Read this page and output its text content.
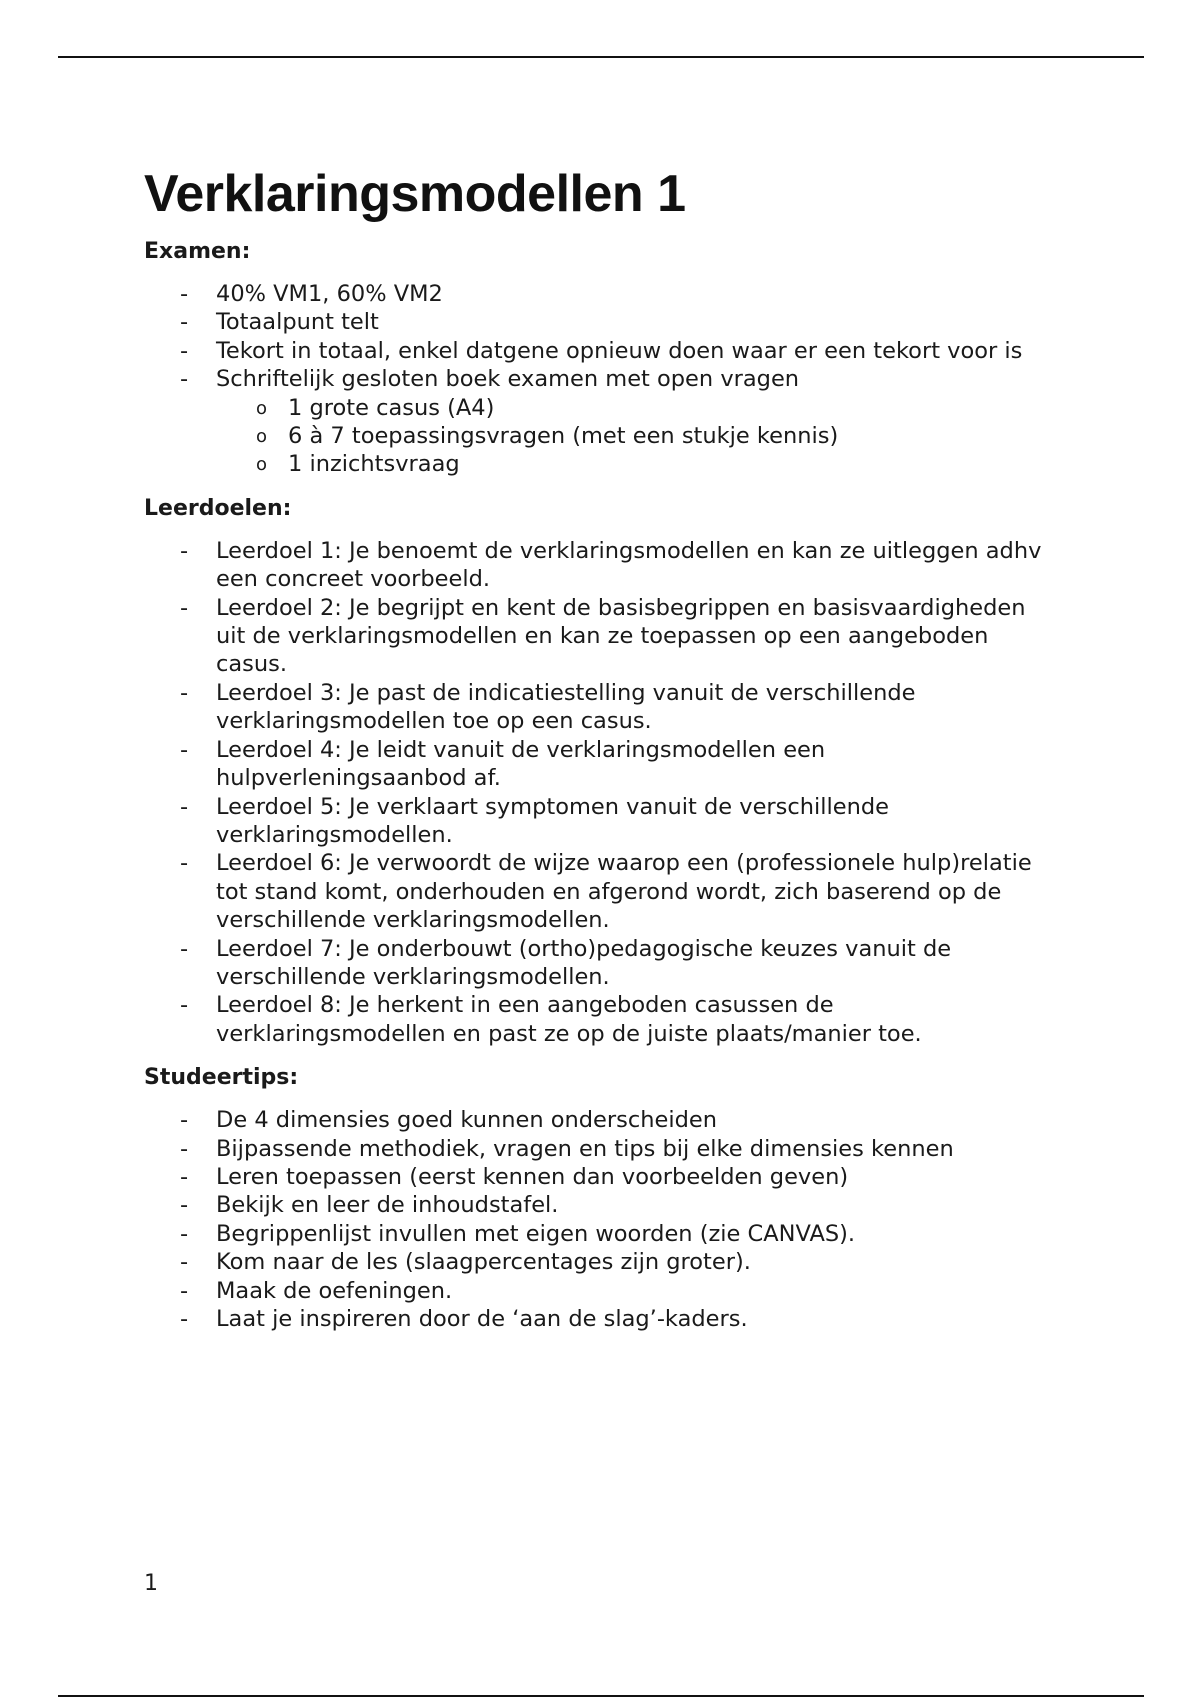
Verklaringsmodellen 1

Examen:

- 40% VM1, 60% VM2
- Totaalpunt telt
- Tekort in totaal, enkel datgene opnieuw doen waar er een tekort voor is
- Schriftelijk gesloten boek examen met open vragen
o 1 grote casus (A4)
o 6 à 7 toepassingsvragen (met een stukje kennis)
o 1 inzichtsvraag

Leerdoelen:

- Leerdoel 1: Je benoemt de verklaringsmodellen en kan ze uitleggen adhv een concreet voorbeeld.
- Leerdoel 2: Je begrijpt en kent de basisbegrippen en basisvaardigheden uit de verklaringsmodellen en kan ze toepassen op een aangeboden casus.
- Leerdoel 3: Je past de indicatiestelling vanuit de verschillende verklaringsmodellen toe op een casus.
- Leerdoel 4: Je leidt vanuit de verklaringsmodellen een hulpverleningsaanbod af.
- Leerdoel 5: Je verklaart symptomen vanuit de verschillende verklaringsmodellen.
- Leerdoel 6: Je verwoordt de wijze waarop een (professionele hulp)relatie tot stand komt, onderhouden en afgerond wordt, zich baserend op de verschillende verklaringsmodellen.
- Leerdoel 7: Je onderbouwt (ortho)pedagogische keuzes vanuit de verschillende verklaringsmodellen.
- Leerdoel 8: Je herkent in een aangeboden casussen de verklaringsmodellen en past ze op de juiste plaats/manier toe.

Studeertips:

- De 4 dimensies goed kunnen onderscheiden
- Bijpassende methodiek, vragen en tips bij elke dimensies kennen
- Leren toepassen (eerst kennen dan voorbeelden geven)
- Bekijk en leer de inhoudstafel.
- Begrippenlijst invullen met eigen woorden (zie CANVAS).
- Kom naar de les (slaagpercentages zijn groter).
- Maak de oefeningen.
- Laat je inspireren door de ‘aan de slag’-kaders.
1
